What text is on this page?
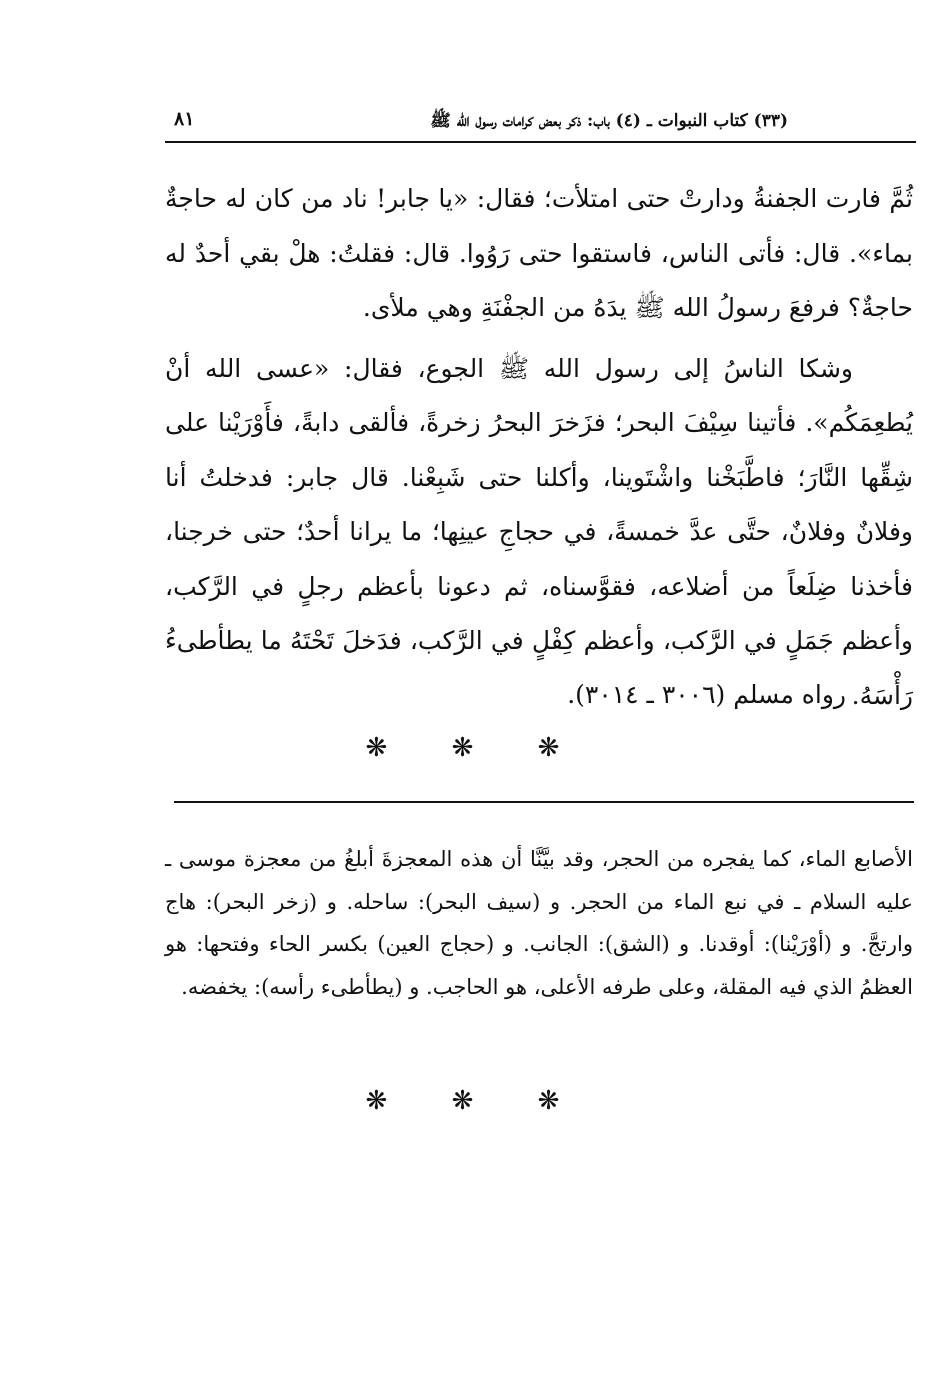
٨١	(٣٣) كتاب النبوات ـ (٤) باب: ذكر بعض كرامات رسول الله ﷺ

ثُمَّ فارت الجفنةُ ودارتْ حتى امتلأت؛ فقال: «يا جابر! ناد من كان له حاجةٌ بماء». قال: فأتى الناس، فاستقوا حتى رَوُوا. قال: فقلتُ: هلْ بقي أحدٌ له حاجةٌ؟ فرفعَ رسولُ الله ﷺ يدَهُ من الجفْنَةِ وهي ملأى.

وشكا الناسُ إلى رسول الله ﷺ الجوع، فقال: «عسى الله أنْ يُطعِمَكُم». فأتينا سِيْفَ البحر؛ فزَخرَ البحرُ زخرةً، فألقى دابةً، فأَوْرَيْنا على شِقِّها النَّارَ؛ فاطَّبَخْنا واشْتَوينا، وأكلنا حتى شَبِعْنا. قال جابر: فدخلتُ أنا وفلانٌ وفلانٌ، حتَّى عدَّ خمسةً، في حجاجِ عينِها؛ ما يرانا أحدٌ؛ حتى خرجنا، فأخذنا ضِلَعاً من أضلاعه، فقوَّسناه، ثم دعونا بأعظم رجلٍ في الرَّكب، وأعظم جَمَلٍ في الرَّكب، وأعظم كِفْلٍ في الرَّكب، فدَخلَ تَحْتَهُ ما يطأطىءُ رَأْسَهُ.

رواه مسلم (٣٠٠٦ ـ ٣٠١٤).
❋ ❋ ❋

الأصابع الماء، كما يفجره من الحجر، وقد بيَّنَّا أن هذه المعجزةَ أبلغُ من معجزة موسى ـ عليه السلام ـ في نبع الماء من الحجر. و (سيف البحر): ساحله. و (زخر البحر): هاج وارتجَّ. و (أوْرَيْنا): أوقدنا. و (الشق): الجانب. و (حجاج العين) بكسر الحاء وفتحها: هو العظمُ الذي فيه المقلة، وعلى طرفه الأعلى، هو الحاجب. و (يطأطىء رأسه): يخفضه.

❋ ❋ ❋
